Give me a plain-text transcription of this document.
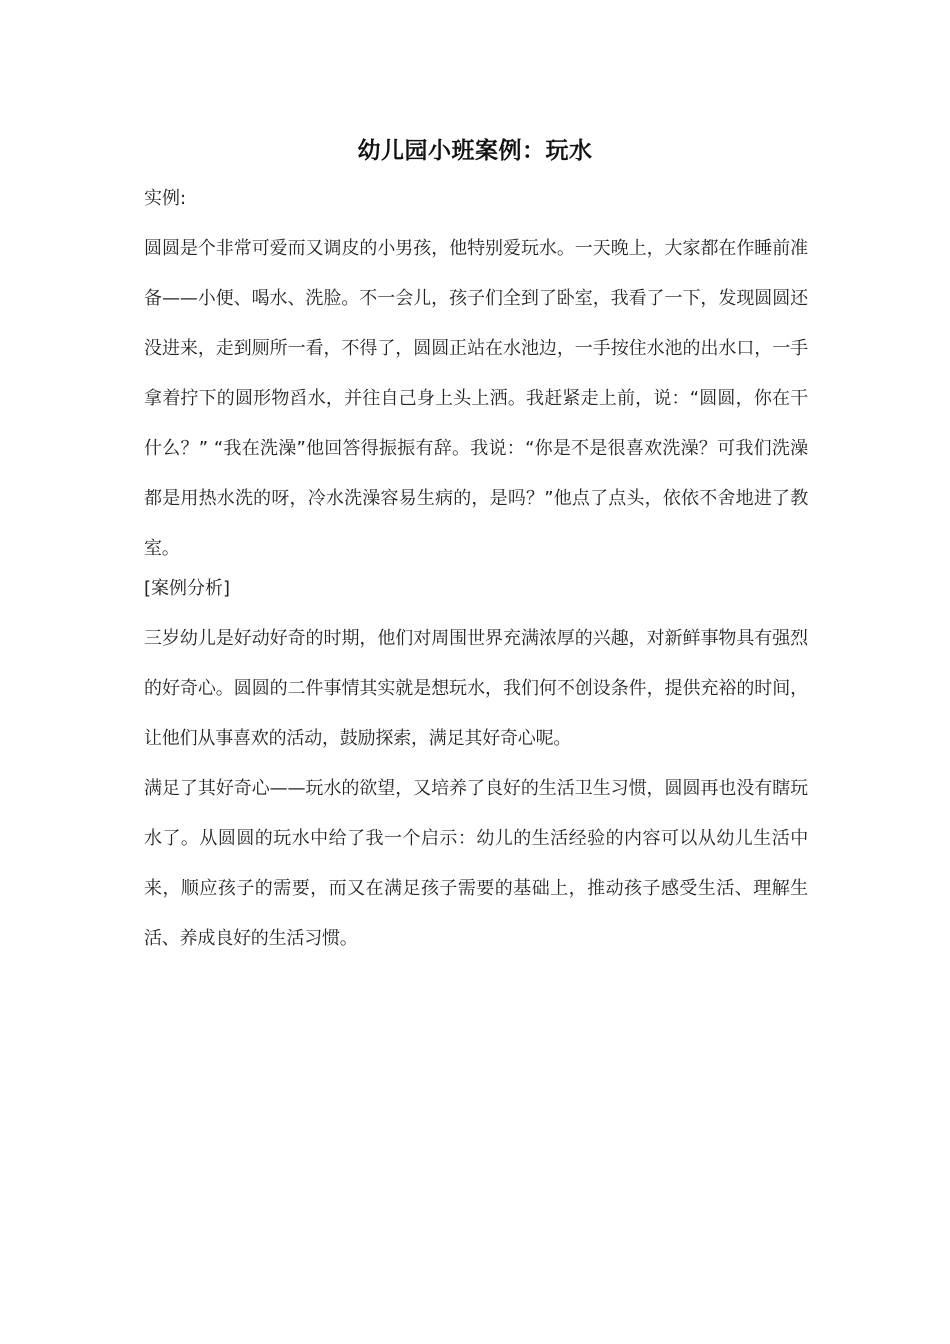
幼儿园小班案例：玩水

实例:

圆圆是个非常可爱而又调皮的小男孩，他特别爱玩水。一天晚上，大家都在作睡前准备——小便、喝水、洗脸。不一会儿，孩子们全到了卧室，我看了一下，发现圆圆还没进来，走到厕所一看，不得了，圆圆正站在水池边，一手按住水池的出水口，一手拿着拧下的圆形物舀水，并往自己身上头上洒。我赶紧走上前，说：“圆圆，你在干什么？” “我在洗澡”他回答得振振有辞。我说：“你是不是很喜欢洗澡？可我们洗澡都是用热水洗的呀，冷水洗澡容易生病的，是吗？”他点了点头，依依不舍地进了教室。

[案例分析]

三岁幼儿是好动好奇的时期，他们对周围世界充满浓厚的兴趣，对新鲜事物具有强烈的好奇心。圆圆的二件事情其实就是想玩水，我们何不创设条件，提供充裕的时间，让他们从事喜欢的活动，鼓励探索，满足其好奇心呢。

满足了其好奇心——玩水的欲望，又培养了良好的生活卫生习惯，圆圆再也没有瞎玩水了。从圆圆的玩水中给了我一个启示：幼儿的生活经验的内容可以从幼儿生活中来，顺应孩子的需要，而又在满足孩子需要的基础上，推动孩子感受生活、理解生活、养成良好的生活习惯。
